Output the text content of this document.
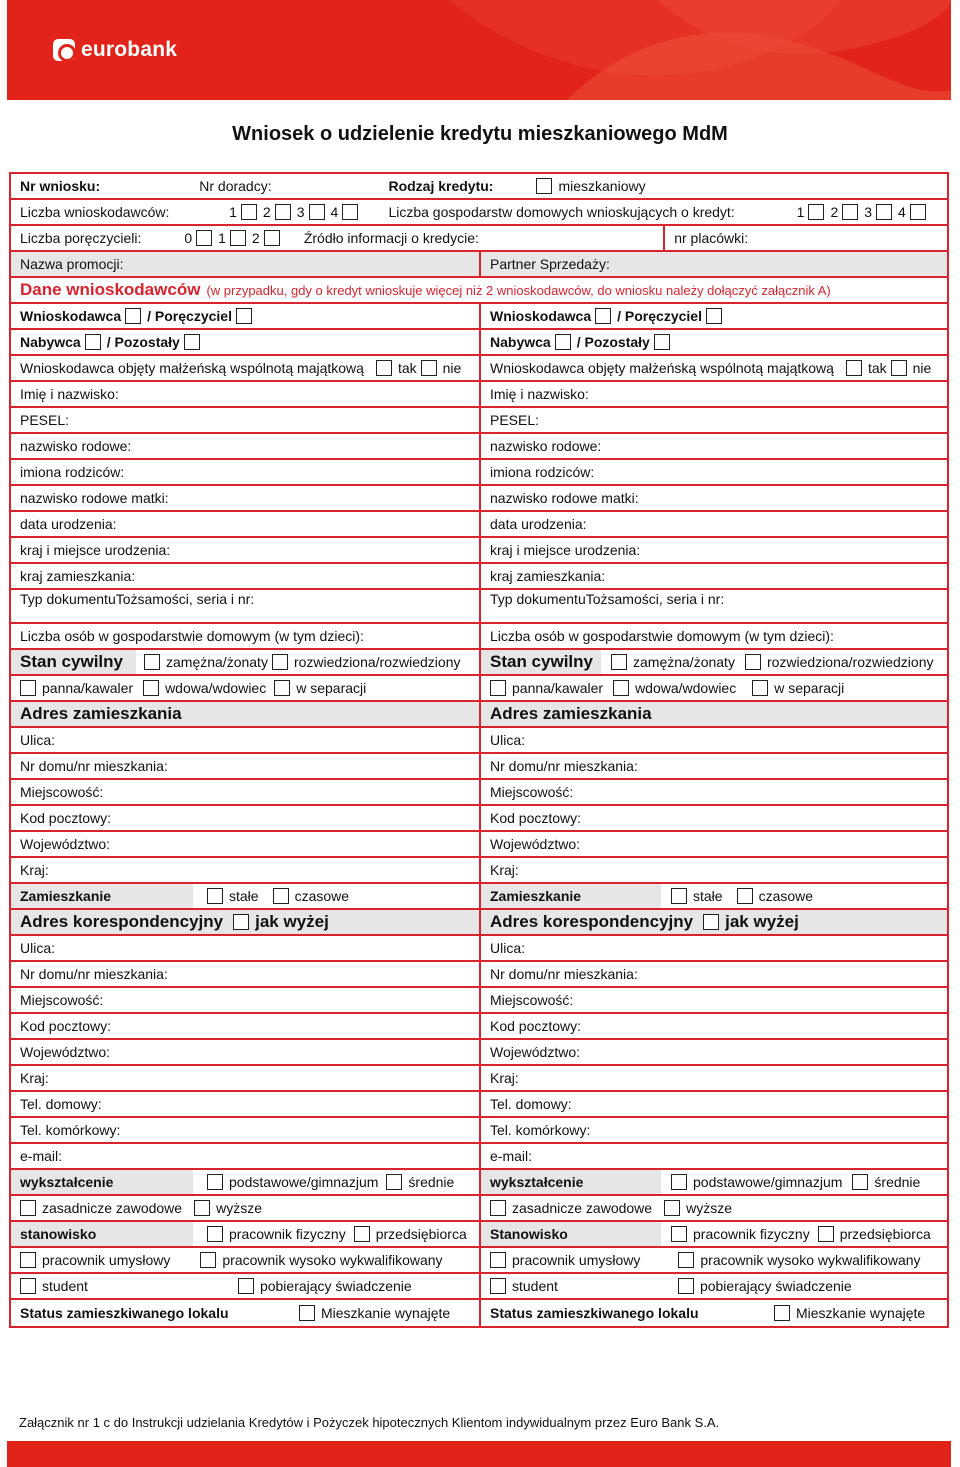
eurobank
Wniosek o udzielenie kredytu mieszkaniowego MdM
Nr wniosku:	Nr doradcy:	Rodzaj kredytu:	mieszkaniowy
Liczba wnioskodawców:	1 2 3 4	Liczba gospodarstw domowych wnioskujących o kredyt:	1 2 3 4
Liczba poręczycieli:	0 1 2	Źródło informacji o kredycie:	nr placówki:
Nazwa promocji:	Partner Sprzedaży:
Dane wnioskodawców (w przypadku, gdy o kredyt wnioskuje więcej niż 2 wnioskodawców, do wniosku należy dołączyć załącznik A)
Wnioskodawca / Poręczyciel	Wnioskodawca / Poręczyciel
Nabywca / Pozostały	Nabywca / Pozostały
Wnioskodawca objęty małżeńską wspólnotą majątkową tak nie Wnioskodawca objęty małżeńską wspólnotą majątkową tak nie
Imię i nazwisko:	Imię i nazwisko:
PESEL:	PESEL:
nazwisko rodowe:	nazwisko rodowe:
imiona rodziców:	imiona rodziców:
nazwisko rodowe matki:	nazwisko rodowe matki:
data urodzenia:	data urodzenia:
kraj i miejsce urodzenia:	kraj i miejsce urodzenia:
kraj zamieszkania:	kraj zamieszkania:
Typ dokumentu Tożsamości, seria i nr:	Typ dokumentu Tożsamości, seria i nr:
Liczba osób w gospodarstwie domowym (w tym dzieci):	Liczba osób w gospodarstwie domowym (w tym dzieci):
Stan cywilny	zamężna/żonaty rozwiedziona/rozwiedziony	Stan cywilny	zamężna/żonaty rozwiedziona/rozwiedziony
panna/kawaler wdowa/wdowiec w separacji	panna/kawaler wdowa/wdowiec	w separacji
Adres zamieszkania	Adres zamieszkania
Ulica:	Ulica:
Nr domu/nr mieszkania:	Nr domu/nr mieszkania:
Miejscowość:	Miejscowość:
Kod pocztowy:	Kod pocztowy:
Województwo:	Województwo:
Kraj:	Kraj:
Zamieszkanie	stałe	czasowe	Zamieszkanie	stałe	czasowe
Adres korespondencyjny jak wyżej	Adres korespondencyjny jak wyżej
Ulica:	Ulica:
Nr domu/nr mieszkania:	Nr domu/nr mieszkania:
Miejscowość:	Miejscowość:
Kod pocztowy:	Kod pocztowy:
Województwo:	Województwo:
Kraj:	Kraj:
Tel. domowy:	Tel. domowy:
Tel. komórkowy:	Tel. komórkowy:
e-mail:	e-mail:
wykształcenie	podstawowe/gimnazjum średnie	wykształcenie	podstawowe/gimnazjum średnie
zasadnicze zawodowe wyższe	zasadnicze zawodowe wyższe
stanowisko	pracownik fizyczny przedsiębiorca	Stanowisko	pracownik fizyczny przedsiębiorca
pracownik umysłowy	pracownik wysoko wykwalifikowany	pracownik umysłowy	pracownik wysoko wykwalifikowany
student	pobierający świadczenie	student	pobierający świadczenie
Status zamieszkiwanego lokalu	Mieszkanie wynajęte	Status zamieszkiwanego lokalu	Mieszkanie wynajęte
Załącznik nr 1 c do Instrukcji udzielania Kredytów i Pożyczek hipotecznych Klientom indywidualnym przez Euro Bank S.A.
